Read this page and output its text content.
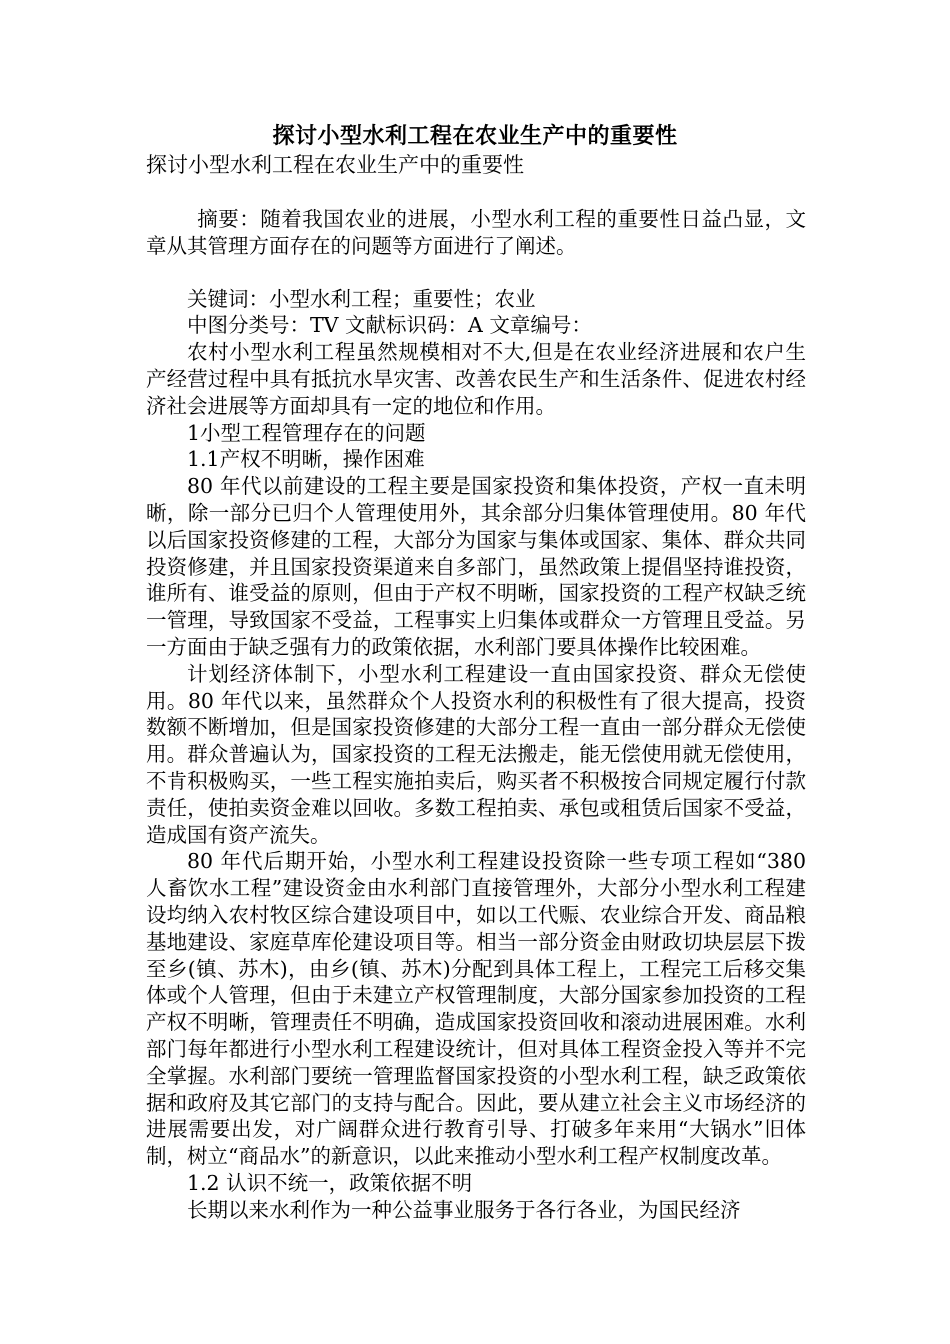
探讨小型水利工程在农业生产中的重要性

探讨小型水利工程在农业生产中的重要性

摘要：随着我国农业的进展，小型水利工程的重要性日益凸显，文章从其管理方面存在的问题等方面进行了阐述。

关键词：小型水利工程；重要性；农业

中图分类号：TV 文献标识码：A 文章编号：

农村小型水利工程虽然规模相对不大,但是在农业经济进展和农户生产经营过程中具有抵抗水旱灾害、改善农民生产和生活条件、促进农村经济社会进展等方面却具有一定的地位和作用。

1小型工程管理存在的问题

1.1产权不明晰，操作困难

80 年代以前建设的工程主要是国家投资和集体投资，产权一直未明晰，除一部分已归个人管理使用外，其余部分归集体管理使用。80 年代以后国家投资修建的工程，大部分为国家与集体或国家、集体、群众共同投资修建，并且国家投资渠道来自多部门，虽然政策上提倡坚持谁投资，谁所有、谁受益的原则，但由于产权不明晰，国家投资的工程产权缺乏统一管理，导致国家不受益，工程事实上归集体或群众一方管理且受益。另一方面由于缺乏强有力的政策依据，水利部门要具体操作比较困难。

计划经济体制下，小型水利工程建设一直由国家投资、群众无偿使用。80 年代以来，虽然群众个人投资水利的积极性有了很大提高，投资数额不断增加，但是国家投资修建的大部分工程一直由一部分群众无偿使用。群众普遍认为，国家投资的工程无法搬走，能无偿使用就无偿使用，不肯积极购买，一些工程实施拍卖后，购买者不积极按合同规定履行付款责任，使拍卖资金难以回收。多数工程拍卖、承包或租赁后国家不受益，造成国有资产流失。

80 年代后期开始，小型水利工程建设投资除一些专项工程如“380 人畜饮水工程”建设资金由水利部门直接管理外，大部分小型水利工程建设均纳入农村牧区综合建设项目中，如以工代赈、农业综合开发、商品粮基地建设、家庭草库伦建设项目等。相当一部分资金由财政切块层层下拨至乡(镇、苏木)，由乡(镇、苏木)分配到具体工程上，工程完工后移交集体或个人管理，但由于未建立产权管理制度，大部分国家参加投资的工程产权不明晰，管理责任不明确，造成国家投资回收和滚动进展困难。水利部门每年都进行小型水利工程建设统计，但对具体工程资金投入等并不完全掌握。水利部门要统一管理监督国家投资的小型水利工程，缺乏政策依据和政府及其它部门的支持与配合。因此，要从建立社会主义市场经济的进展需要出发，对广阔群众进行教育引导、打破多年来用“大锅水”旧体制，树立“商品水”的新意识，以此来推动小型水利工程产权制度改革。

1.2 认识不统一，政策依据不明

长期以来水利作为一种公益事业服务于各行各业，为国民经济
